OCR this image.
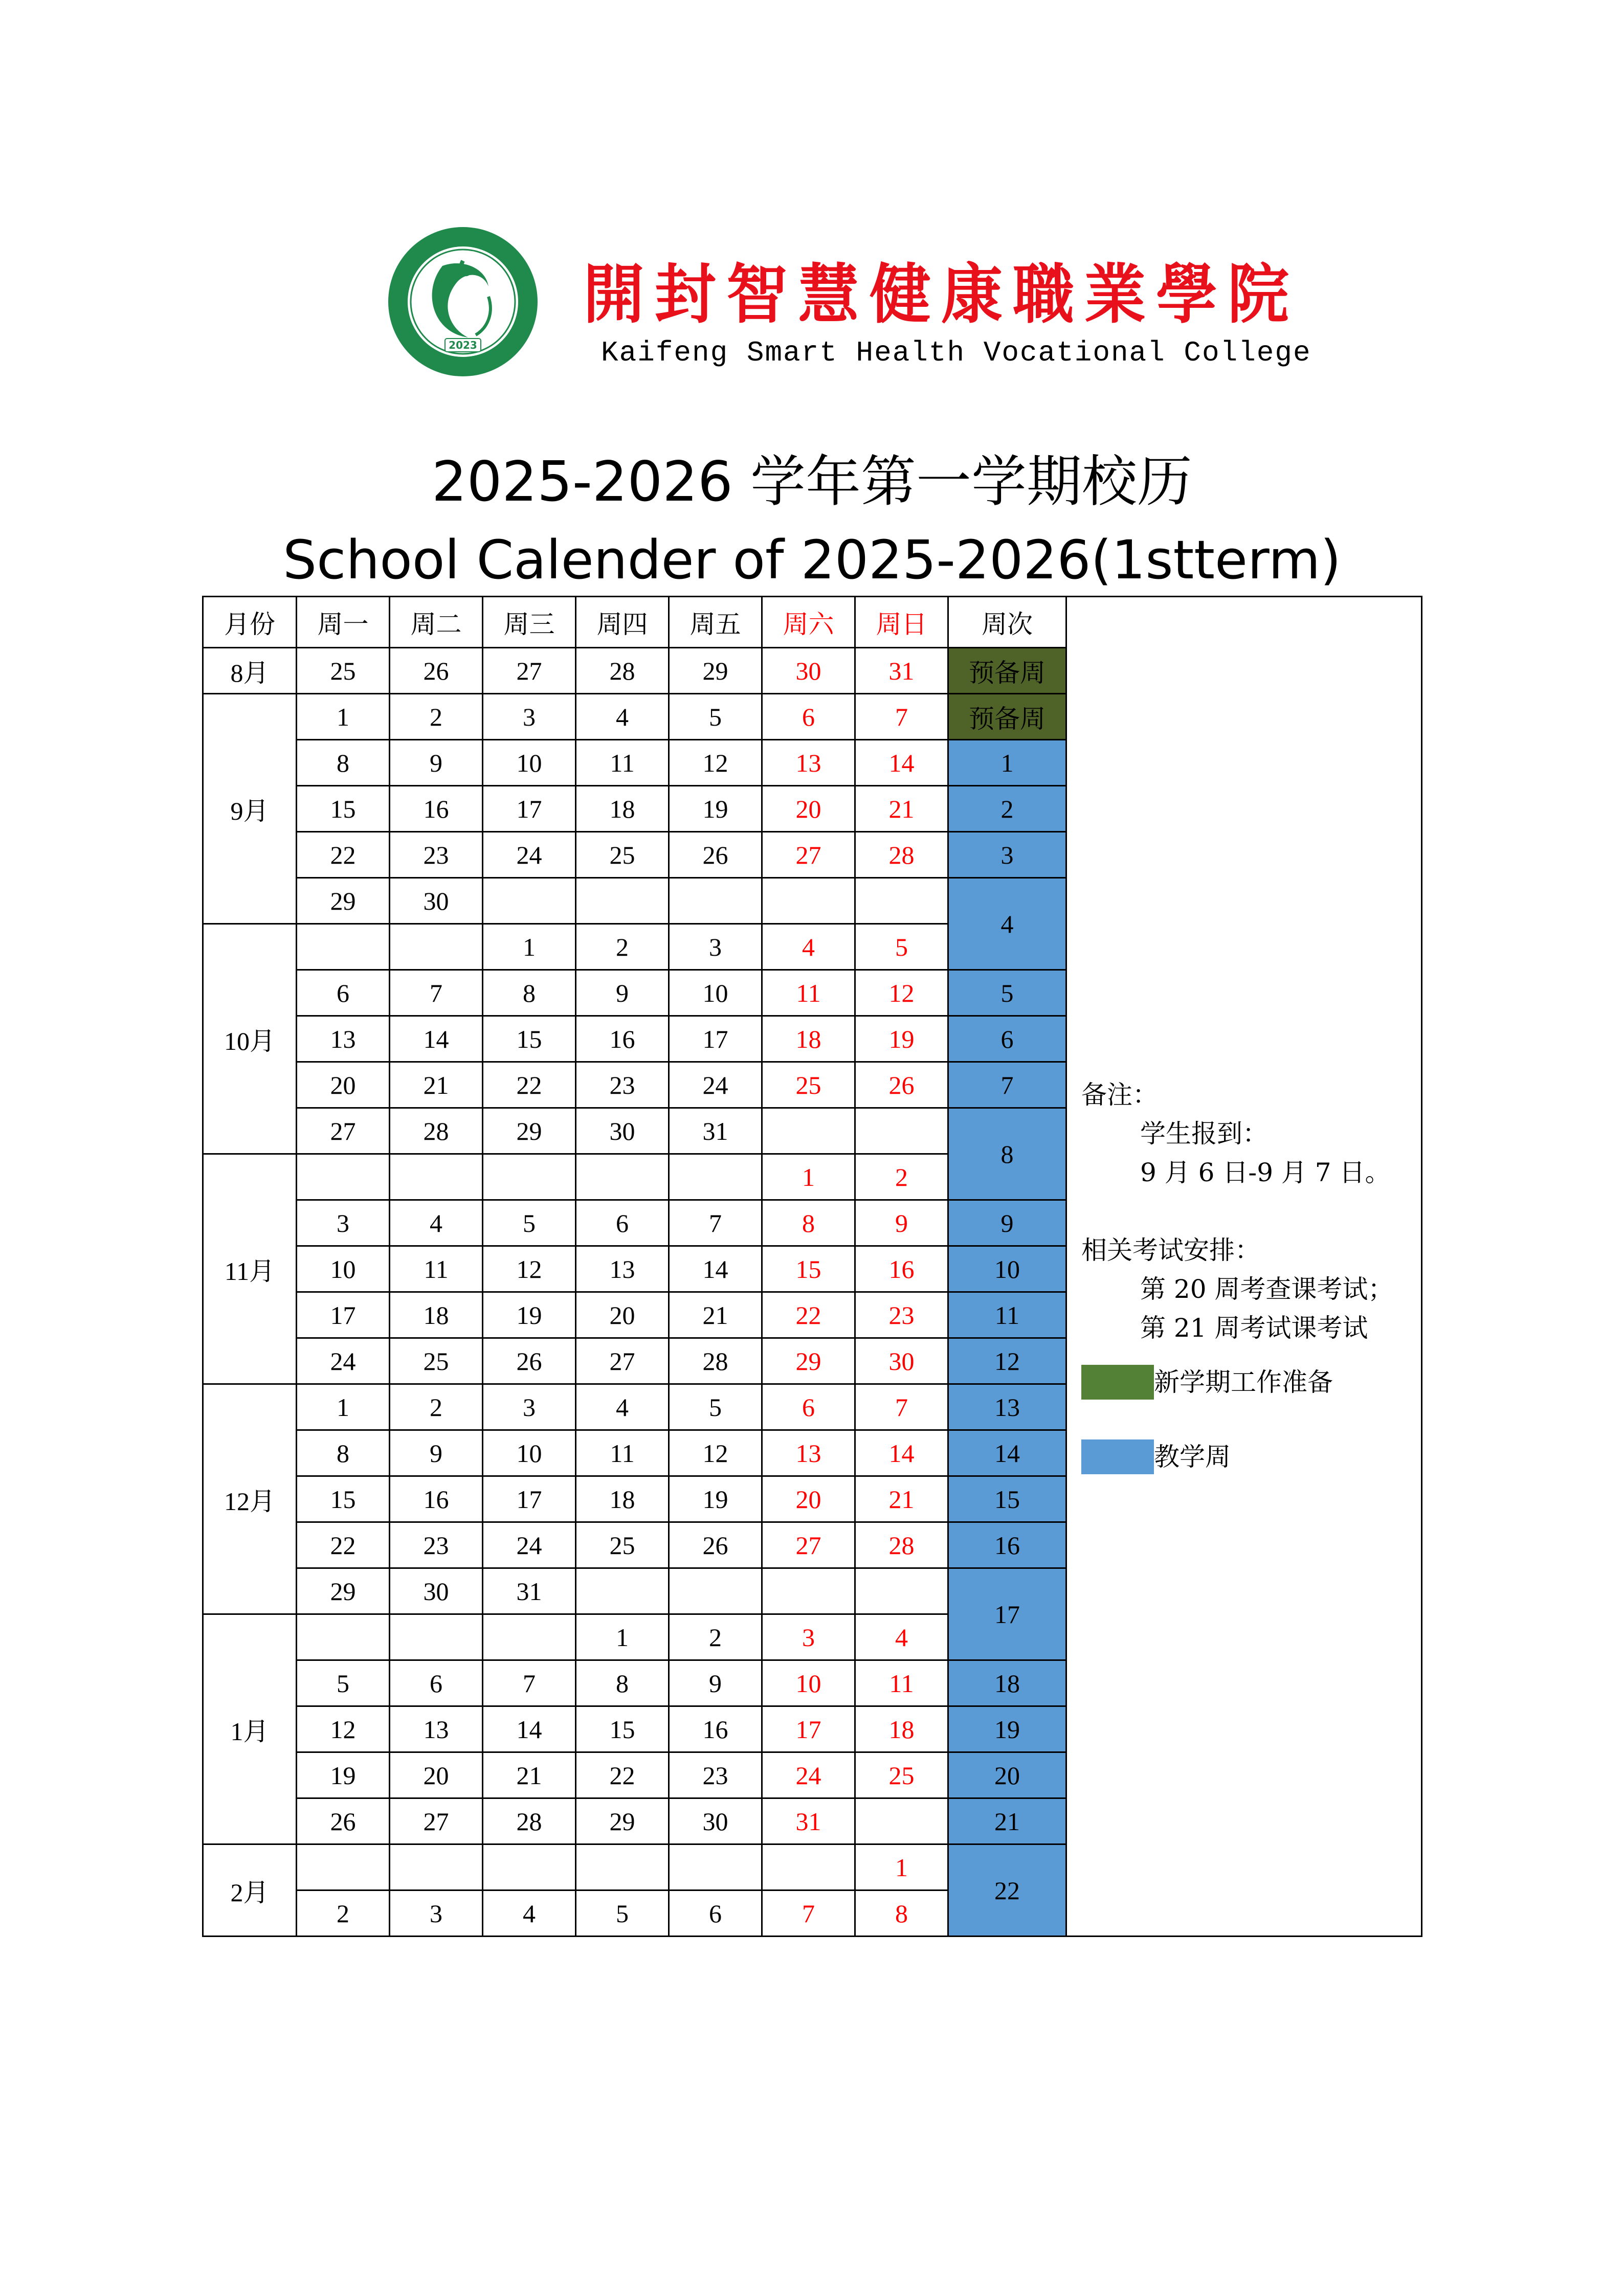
2023
開封智慧健康職業學院
Kaifeng Smart Health Vocational College
2025-2026 学年第一学期校历
School Calender of 2025-2026(1stterm)
月份	周一	周二	周三	周四	周五	周六	周日	周次	
备注：
学生报到：
9 月 6 日-9 月 7 日。
相关考试安排：
第 20 周考查课考试；
第 21 周考试课考试
新学期工作准备
教学周

8月	25	26	27	28	29	30	31	预备周	
9月	1	2	3	4	5	6	7	预备周	
	8	9	10	11	12	13	14	1	
	15	16	17	18	19	20	21	2	
	22	23	24	25	26	27	28	3	
	29	30						4	
10月			1	2	3	4	5		
	6	7	8	9	10	11	12	5	
	13	14	15	16	17	18	19	6	
	20	21	22	23	24	25	26	7	
	27	28	29	30	31			8	
11月						1	2		
	3	4	5	6	7	8	9	9	
	10	11	12	13	14	15	16	10	
	17	18	19	20	21	22	23	11	
	24	25	26	27	28	29	30	12	
12月	1	2	3	4	5	6	7	13	
	8	9	10	11	12	13	14	14	
	15	16	17	18	19	20	21	15	
	22	23	24	25	26	27	28	16	
	29	30	31					17	
1月				1	2	3	4		
	5	6	7	8	9	10	11	18	
	12	13	14	15	16	17	18	19	
	19	20	21	22	23	24	25	20	
	26	27	28	29	30	31		21	
2月							1	22	
	2	3	4	5	6	7	8		
